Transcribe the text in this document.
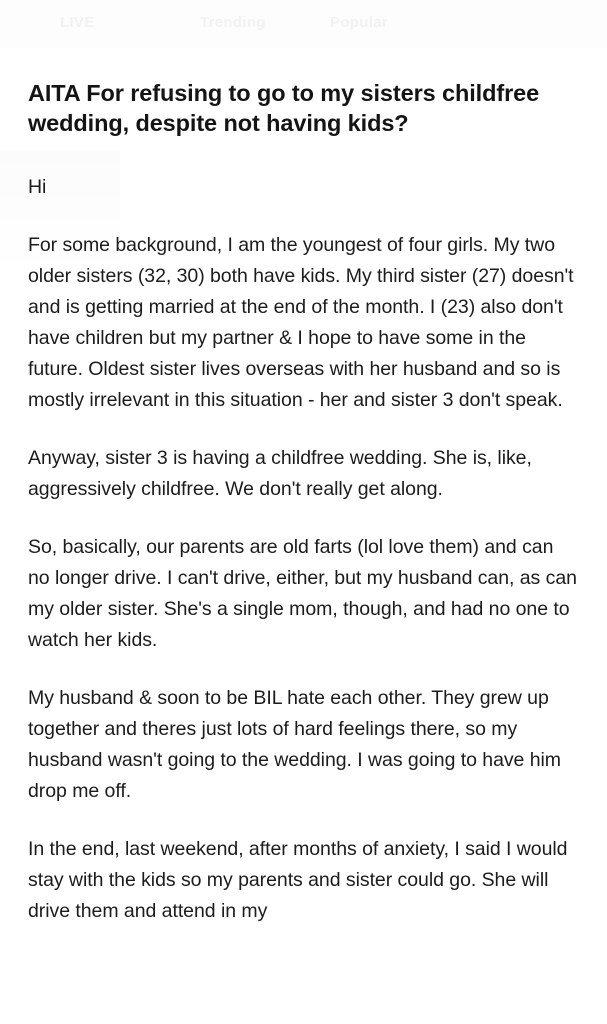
LIVE	Trending	Popular
AITA For refusing to go to my sisters childfree wedding, despite not having kids?

Hi

For some background, I am the youngest of four girls. My two older sisters (32, 30) both have kids. My third sister (27) doesn't and is getting married at the end of the month. I (23) also don't have children but my partner & I hope to have some in the future. Oldest sister lives overseas with her husband and so is mostly irrelevant in this situation - her and sister 3 don't speak.

Anyway, sister 3 is having a childfree wedding. She is, like, aggressively childfree. We don't really get along.

So, basically, our parents are old farts (lol love them) and can no longer drive. I can't drive, either, but my husband can, as can my older sister. She's a single mom, though, and had no one to watch her kids.

My husband & soon to be BIL hate each other. They grew up together and theres just lots of hard feelings there, so my husband wasn't going to the wedding. I was going to have him drop me off.

In the end, last weekend, after months of anxiety, I said I would stay with the kids so my parents and sister could go. She will drive them and attend in my
